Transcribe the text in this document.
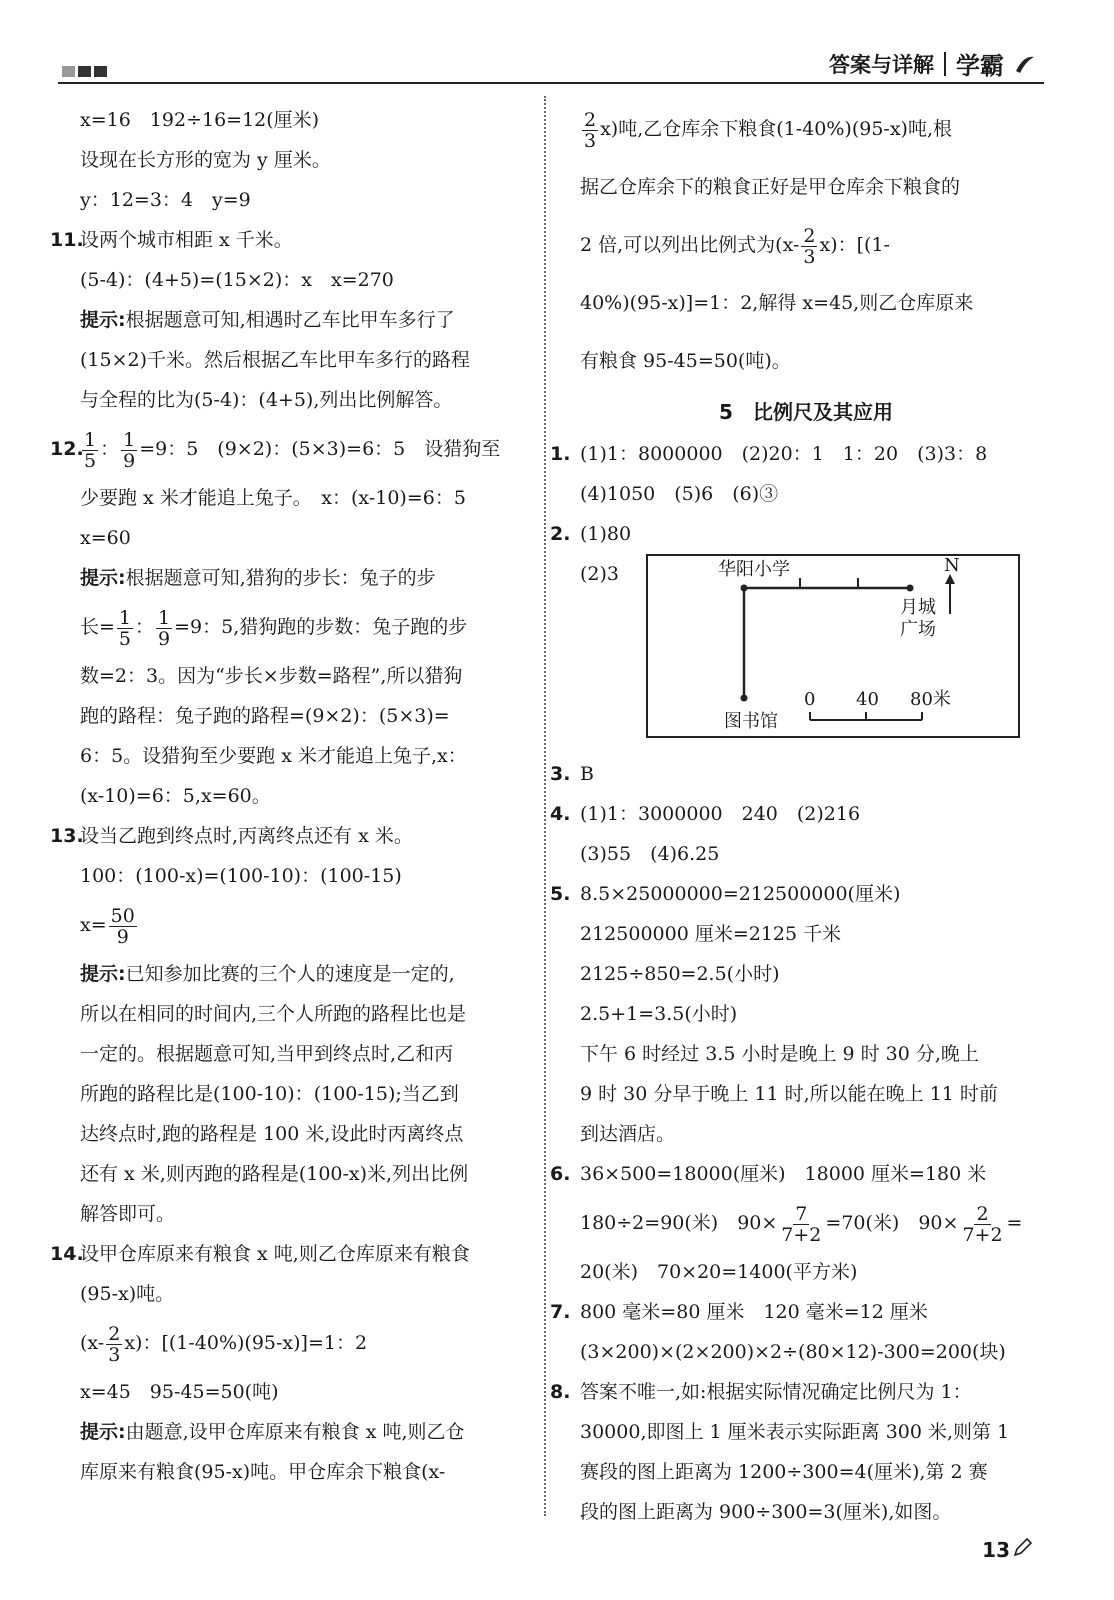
答案与详解 学霸
x=16　192÷16=12(厘米)
设现在长方形的宽为 y 厘米。
y：12=3：4　y=9
11.设两个城市相距 x 千米。
(5-4)：(4+5)=(15×2)：x　x=270
提示:根据题意可知,相遇时乙车比甲车多行了
(15×2)千米。然后根据乙车比甲车多行的路程
与全程的比为(5-4)：(4+5),列出比例解答。
12.
$\frac{1}{5}$ ： $\frac{1}{9} =9$：5　(9×2)：(5×3)=6：5　设猎狗至
少要跑 x 米才能追上兔子。　x：(x-10)=6：5
x=60
提示:根据题意可知,猎狗的步长：兔子的步
长= $\frac{1}{5}$ ： $\frac{1}{9} =9$：5,猎狗跑的步数：兔子跑的步
数=2：3。因为“步长×步数=路程”,所以猎狗
跑的路程：兔子跑的路程=(9×2)：(5×3)=
6：5。设猎狗至少要跑 x 米才能追上兔子,x：
(x-10)=6：5,x=60。
13.设当乙跑到终点时,丙离终点还有 x 米。
100：(100-x)=(100-10)：(100-15)
$x= \frac{50}{9}$
提示:已知参加比赛的三个人的速度是一定的,
所以在相同的时间内,三个人所跑的路程比也是
一定的。根据题意可知,当甲到终点时,乙和丙
所跑的路程比是(100-10)：(100-15);当乙到
达终点时,跑的路程是 100 米,设此时丙离终点
还有 x 米,则丙跑的路程是(100-x)米,列出比例
解答即可。
14.设甲仓库原来有粮食 x 吨,则乙仓库原来有粮食
(95-x)吨。
$(x- \frac{2}{3} x)$：[(1-40%)(95-x)]=1：2
x=45　95-45=50(吨)
提示:由题意,设甲仓库原来有粮食 x 吨,则乙仓
库原来有粮食(95-x)吨。甲仓库余下粮食(x-
$\frac{2}{3} x$)吨,乙仓库余下粮食(1-40%)(95-x)吨,根
据乙仓库余下的粮食正好是甲仓库余下粮食的
2 倍,可以列出比例式为$(x- \frac{2}{3} x)$：[(1-
40%)(95-x)]=1：2,解得 x=45,则乙仓库原来
有粮食 95-45=50(吨)。
5　比例尺及其应用
1. (1)1：8000000　(2)20：1　1：20　(3)3：8
(4)1050　(5)6　(6)③
2. (1)80
(2)3	华阳小学	N
月城
广场
图书馆
0 40 80米
3. B
4. (1)1：3000000　240　(2)216
(3)55　(4)6.25
5. 8.5×25000000=212500000(厘米)
212500000 厘米=2125 千米
2125÷850=2.5(小时)
2.5+1=3.5(小时)
下午 6 时经过 3.5 小时是晚上 9 时 30 分,晚上
9 时 30 分早于晚上 11 时,所以能在晚上 11 时前
到达酒店。
6. 36×500=18000(厘米)　18000 厘米=180 米
180÷2=90(米)　$90\times \frac{7}{7+2} =70$(米)　$90\times \frac{2}{7+2}$ =
20(米)　70×20=1400(平方米)
7. 800 毫米=80 厘米　120 毫米=12 厘米
(3×200)×(2×200)×2÷(80×12)-300=200(块)
8. 答案不唯一,如:根据实际情况确定比例尺为 1：
30000,即图上 1 厘米表示实际距离 300 米,则第 1
赛段的图上距离为 1200÷300=4(厘米),第 2 赛
段的图上距离为 900÷300=3(厘米),如图。
13
